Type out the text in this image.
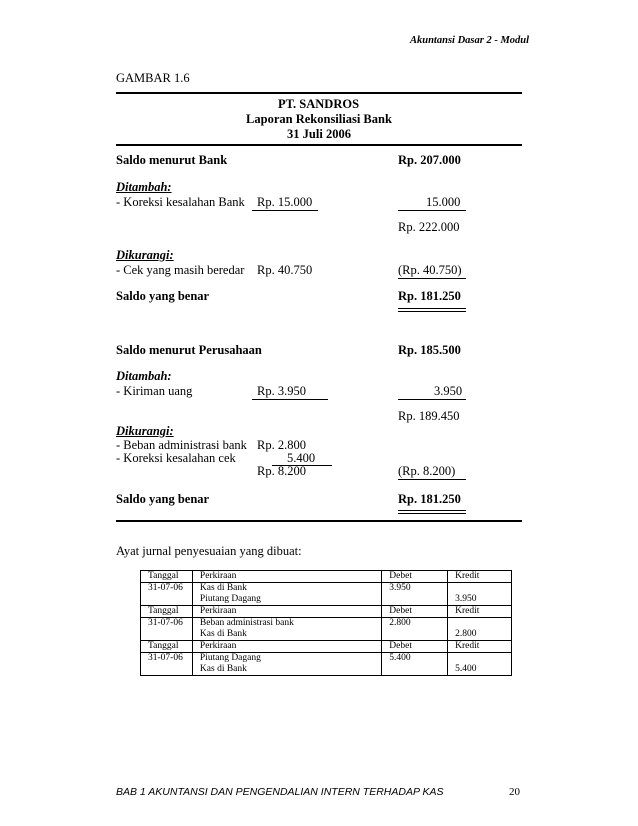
Akuntansi Dasar 2 - Modul
GAMBAR 1.6
PT. SANDROS
Laporan Rekonsiliasi Bank
31 Juli 2006
Saldo menurut Bank	Rp. 207.000
Ditambah:
- Koreksi kesalahan Bank Rp. 15.000	15.000
Rp. 222.000
Dikurangi:
- Cek yang masih beredar Rp. 40.750	(Rp. 40.750)
Saldo yang benar	Rp. 181.250
Saldo menurut Perusahaan	Rp. 185.500
Ditambah:
- Kiriman uang	Rp. 3.950	3.950
Rp. 189.450
Dikurangi:
- Beban administrasi bank Rp. 2.800
- Koreksi kesalahan cek	5.400
Rp. 8.200	(Rp. 8.200)
Saldo yang benar	Rp. 181.250
Ayat jurnal penyesuaian yang dibuat:
Tanggal	Perkiraan	Debet	Kredit
31-07-06	Kas di Bank	3.950	
	Piutang Dagang		3.950
Tanggal	Perkiraan	Debet	Kredit
31-07-06	Beban administrasi bank	2.800	
	Kas di Bank		2.800
Tanggal	Perkiraan	Debet	Kredit
31-07-06	Piutang Dagang	5.400	
	Kas di Bank		5.400
BAB 1 AKUNTANSI DAN PENGENDALIAN INTERN TERHADAP KAS	20
